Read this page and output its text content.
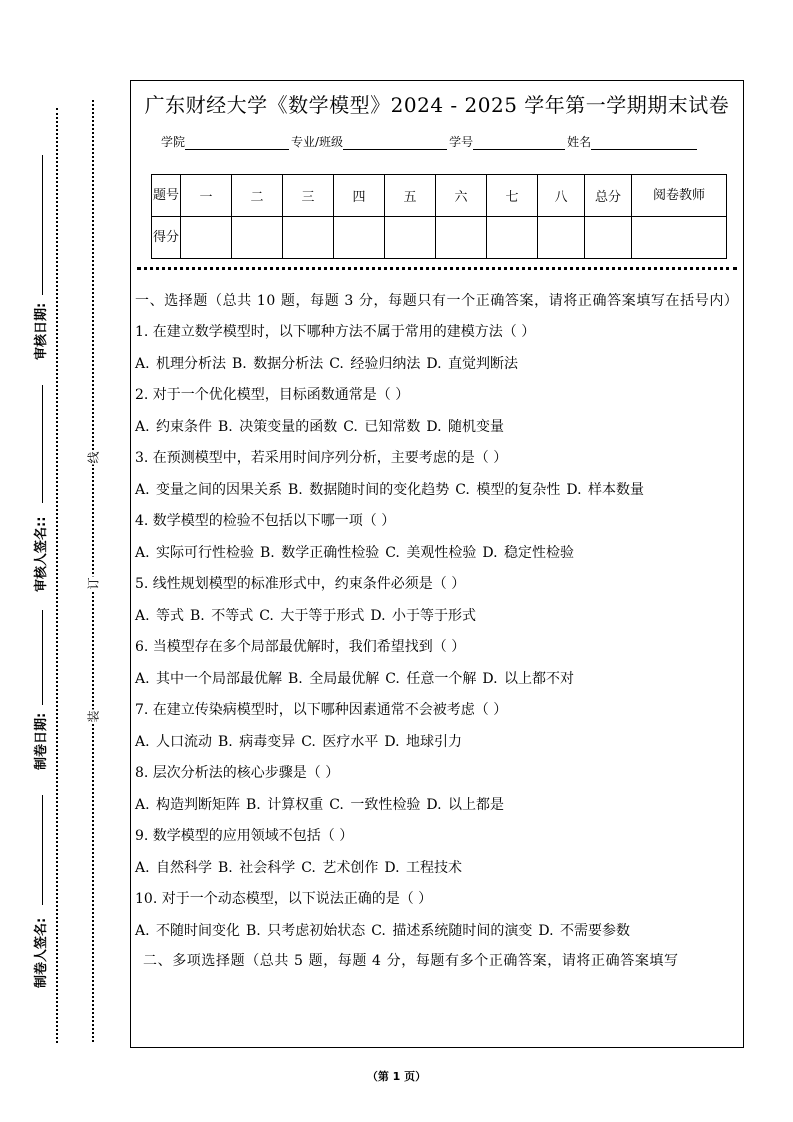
审核日期:
审核人签名::
制卷日期:
制卷人签名:
线
订
装
广东财经大学《数学模型》2024 - 2025 学年第一学期期末试卷
学院	专业/班级	学号	姓名
题号	一	二	三	四	五	六	七	八	总分	阅卷教师
得分										

一、选择题（总共 10 题，每题 3 分，每题只有一个正确答案，请将正确答案填写在括号内）

1. 在建立数学模型时，以下哪种方法不属于常用的建模方法（ ）

A. 机理分析法 B. 数据分析法 C. 经验归纳法 D. 直觉判断法

2. 对于一个优化模型，目标函数通常是（ ）

A. 约束条件 B. 决策变量的函数 C. 已知常数 D. 随机变量

3. 在预测模型中，若采用时间序列分析，主要考虑的是（ ）

A. 变量之间的因果关系 B. 数据随时间的变化趋势 C. 模型的复杂性 D. 样本数量

4. 数学模型的检验不包括以下哪一项（ ）

A. 实际可行性检验 B. 数学正确性检验 C. 美观性检验 D. 稳定性检验

5. 线性规划模型的标准形式中，约束条件必须是（ ）

A. 等式 B. 不等式 C. 大于等于形式 D. 小于等于形式

6. 当模型存在多个局部最优解时，我们希望找到（ ）

A. 其中一个局部最优解 B. 全局最优解 C. 任意一个解 D. 以上都不对

7. 在建立传染病模型时，以下哪种因素通常不会被考虑（ ）

A. 人口流动 B. 病毒变异 C. 医疗水平 D. 地球引力

8. 层次分析法的核心步骤是（ ）

A. 构造判断矩阵 B. 计算权重 C. 一致性检验 D. 以上都是

9. 数学模型的应用领域不包括（ ）

A. 自然科学 B. 社会科学 C. 艺术创作 D. 工程技术

10. 对于一个动态模型，以下说法正确的是（ ）

A. 不随时间变化 B. 只考虑初始状态 C. 描述系统随时间的演变 D. 不需要参数

二、多项选择题（总共 5 题，每题 4 分，每题有多个正确答案，请将正确答案填写

（第 1 页）
